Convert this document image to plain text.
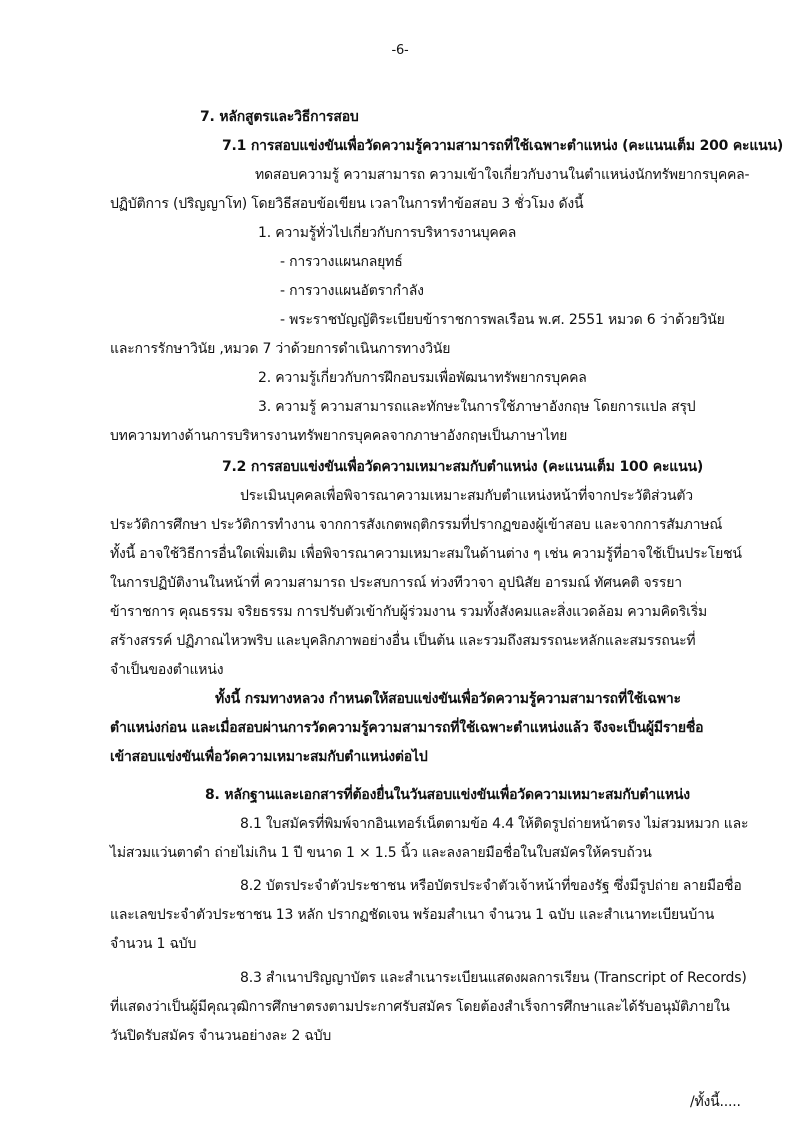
-6-
7. หลักสูตรและวิธีการสอบ
7.1 การสอบแข่งขันเพื่อวัดความรู้ความสามารถที่ใช้เฉพาะตำแหน่ง (คะแนนเต็ม 200 คะแนน)
ทดสอบความรู้ ความสามารถ ความเข้าใจเกี่ยวกับงานในตำแหน่งนักทรัพยากรบุคคล-
ปฏิบัติการ (ปริญญาโท) โดยวิธีสอบข้อเขียน เวลาในการทำข้อสอบ 3 ชั่วโมง ดังนี้
1. ความรู้ทั่วไปเกี่ยวกับการบริหารงานบุคคล
- การวางแผนกลยุทธ์
- การวางแผนอัตรากำลัง
- พระราชบัญญัติระเบียบข้าราชการพลเรือน พ.ศ. 2551 หมวด 6 ว่าด้วยวินัย
และการรักษาวินัย ,หมวด 7 ว่าด้วยการดำเนินการทางวินัย
2. ความรู้เกี่ยวกับการฝึกอบรมเพื่อพัฒนาทรัพยากรบุคคล
3. ความรู้ ความสามารถและทักษะในการใช้ภาษาอังกฤษ โดยการแปล สรุป
บทความทางด้านการบริหารงานทรัพยากรบุคคลจากภาษาอังกฤษเป็นภาษาไทย
7.2 การสอบแข่งขันเพื่อวัดความเหมาะสมกับตำแหน่ง (คะแนนเต็ม 100 คะแนน)
ประเมินบุคคลเพื่อพิจารณาความเหมาะสมกับตำแหน่งหน้าที่จากประวัติส่วนตัว
ประวัติการศึกษา ประวัติการทำงาน จากการสังเกตพฤติกรรมที่ปรากฏของผู้เข้าสอบ และจากการสัมภาษณ์
ทั้งนี้ อาจใช้วิธีการอื่นใดเพิ่มเติม เพื่อพิจารณาความเหมาะสมในด้านต่าง ๆ เช่น ความรู้ที่อาจใช้เป็นประโยชน์
ในการปฏิบัติงานในหน้าที่ ความสามารถ ประสบการณ์ ท่วงทีวาจา อุปนิสัย อารมณ์ ทัศนคติ จรรยา
ข้าราชการ คุณธรรม จริยธรรม การปรับตัวเข้ากับผู้ร่วมงาน รวมทั้งสังคมและสิ่งแวดล้อม ความคิดริเริ่ม
สร้างสรรค์ ปฏิภาณไหวพริบ และบุคลิกภาพอย่างอื่น เป็นต้น และรวมถึงสมรรถนะหลักและสมรรถนะที่
จำเป็นของตำแหน่ง
ทั้งนี้ กรมทางหลวง กำหนดให้สอบแข่งขันเพื่อวัดความรู้ความสามารถที่ใช้เฉพาะ
ตำแหน่งก่อน และเมื่อสอบผ่านการวัดความรู้ความสามารถที่ใช้เฉพาะตำแหน่งแล้ว จึงจะเป็นผู้มีรายชื่อ
เข้าสอบแข่งขันเพื่อวัดความเหมาะสมกับตำแหน่งต่อไป
8. หลักฐานและเอกสารที่ต้องยื่นในวันสอบแข่งขันเพื่อวัดความเหมาะสมกับตำแหน่ง
8.1 ใบสมัครที่พิมพ์จากอินเทอร์เน็ตตามข้อ 4.4 ให้ติดรูปถ่ายหน้าตรง ไม่สวมหมวก และ
ไม่สวมแว่นตาดำ ถ่ายไม่เกิน 1 ปี ขนาด 1 × 1.5 นิ้ว และลงลายมือชื่อในใบสมัครให้ครบถ้วน
8.2 บัตรประจำตัวประชาชน หรือบัตรประจำตัวเจ้าหน้าที่ของรัฐ ซึ่งมีรูปถ่าย ลายมือชื่อ
และเลขประจำตัวประชาชน 13 หลัก ปรากฏชัดเจน พร้อมสำเนา จำนวน 1 ฉบับ และสำเนาทะเบียนบ้าน
จำนวน 1 ฉบับ
8.3 สำเนาปริญญาบัตร และสำเนาระเบียนแสดงผลการเรียน (Transcript of Records)
ที่แสดงว่าเป็นผู้มีคุณวุฒิการศึกษาตรงตามประกาศรับสมัคร โดยต้องสำเร็จการศึกษาและได้รับอนุมัติภายใน
วันปิดรับสมัคร จำนวนอย่างละ 2 ฉบับ
/ทั้งนี้.....
